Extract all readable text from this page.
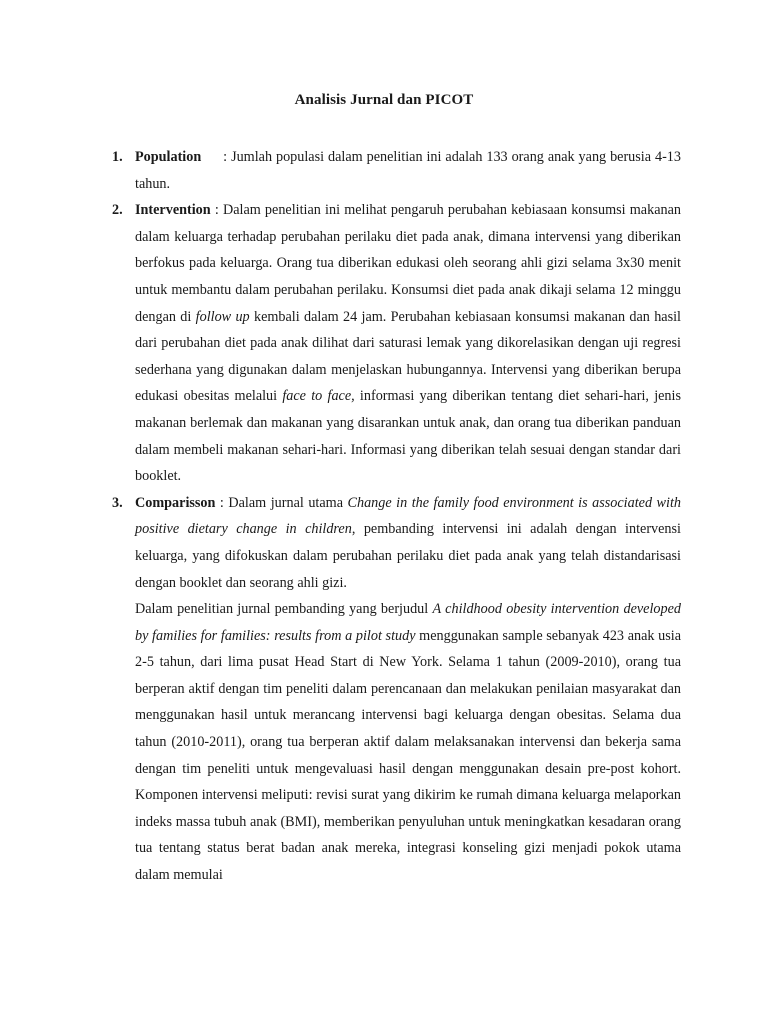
Analisis Jurnal dan PICOT
1. Population : Jumlah populasi dalam penelitian ini adalah 133 orang anak yang berusia 4-13 tahun.
2. Intervention : Dalam penelitian ini melihat pengaruh perubahan kebiasaan konsumsi makanan dalam keluarga terhadap perubahan perilaku diet pada anak, dimana intervensi yang diberikan berfokus pada keluarga. Orang tua diberikan edukasi oleh seorang ahli gizi selama 3x30 menit untuk membantu dalam perubahan perilaku. Konsumsi diet pada anak dikaji selama 12 minggu dengan di follow up kembali dalam 24 jam. Perubahan kebiasaan konsumsi makanan dan hasil dari perubahan diet pada anak dilihat dari saturasi lemak yang dikorelasikan dengan uji regresi sederhana yang digunakan dalam menjelaskan hubungannya. Intervensi yang diberikan berupa edukasi obesitas melalui face to face, informasi yang diberikan tentang diet sehari-hari, jenis makanan berlemak dan makanan yang disarankan untuk anak, dan orang tua diberikan panduan dalam membeli makanan sehari-hari. Informasi yang diberikan telah sesuai dengan standar dari booklet.
3. Comparisson : Dalam jurnal utama Change in the family food environment is associated with positive dietary change in children, pembanding intervensi ini adalah dengan intervensi keluarga, yang difokuskan dalam perubahan perilaku diet pada anak yang telah distandarisasi dengan booklet dan seorang ahli gizi.

Dalam penelitian jurnal pembanding yang berjudul A childhood obesity intervention developed by families for families: results from a pilot study menggunakan sample sebanyak 423 anak usia 2-5 tahun, dari lima pusat Head Start di New York. Selama 1 tahun (2009-2010), orang tua berperan aktif dengan tim peneliti dalam perencanaan dan melakukan penilaian masyarakat dan menggunakan hasil untuk merancang intervensi bagi keluarga dengan obesitas. Selama dua tahun (2010-2011), orang tua berperan aktif dalam melaksanakan intervensi dan bekerja sama dengan tim peneliti untuk mengevaluasi hasil dengan menggunakan desain pre-post kohort. Komponen intervensi meliputi: revisi surat yang dikirim ke rumah dimana keluarga melaporkan indeks massa tubuh anak (BMI), memberikan penyuluhan untuk meningkatkan kesadaran orang tua tentang status berat badan anak mereka, integrasi konseling gizi menjadi pokok utama dalam memulai
